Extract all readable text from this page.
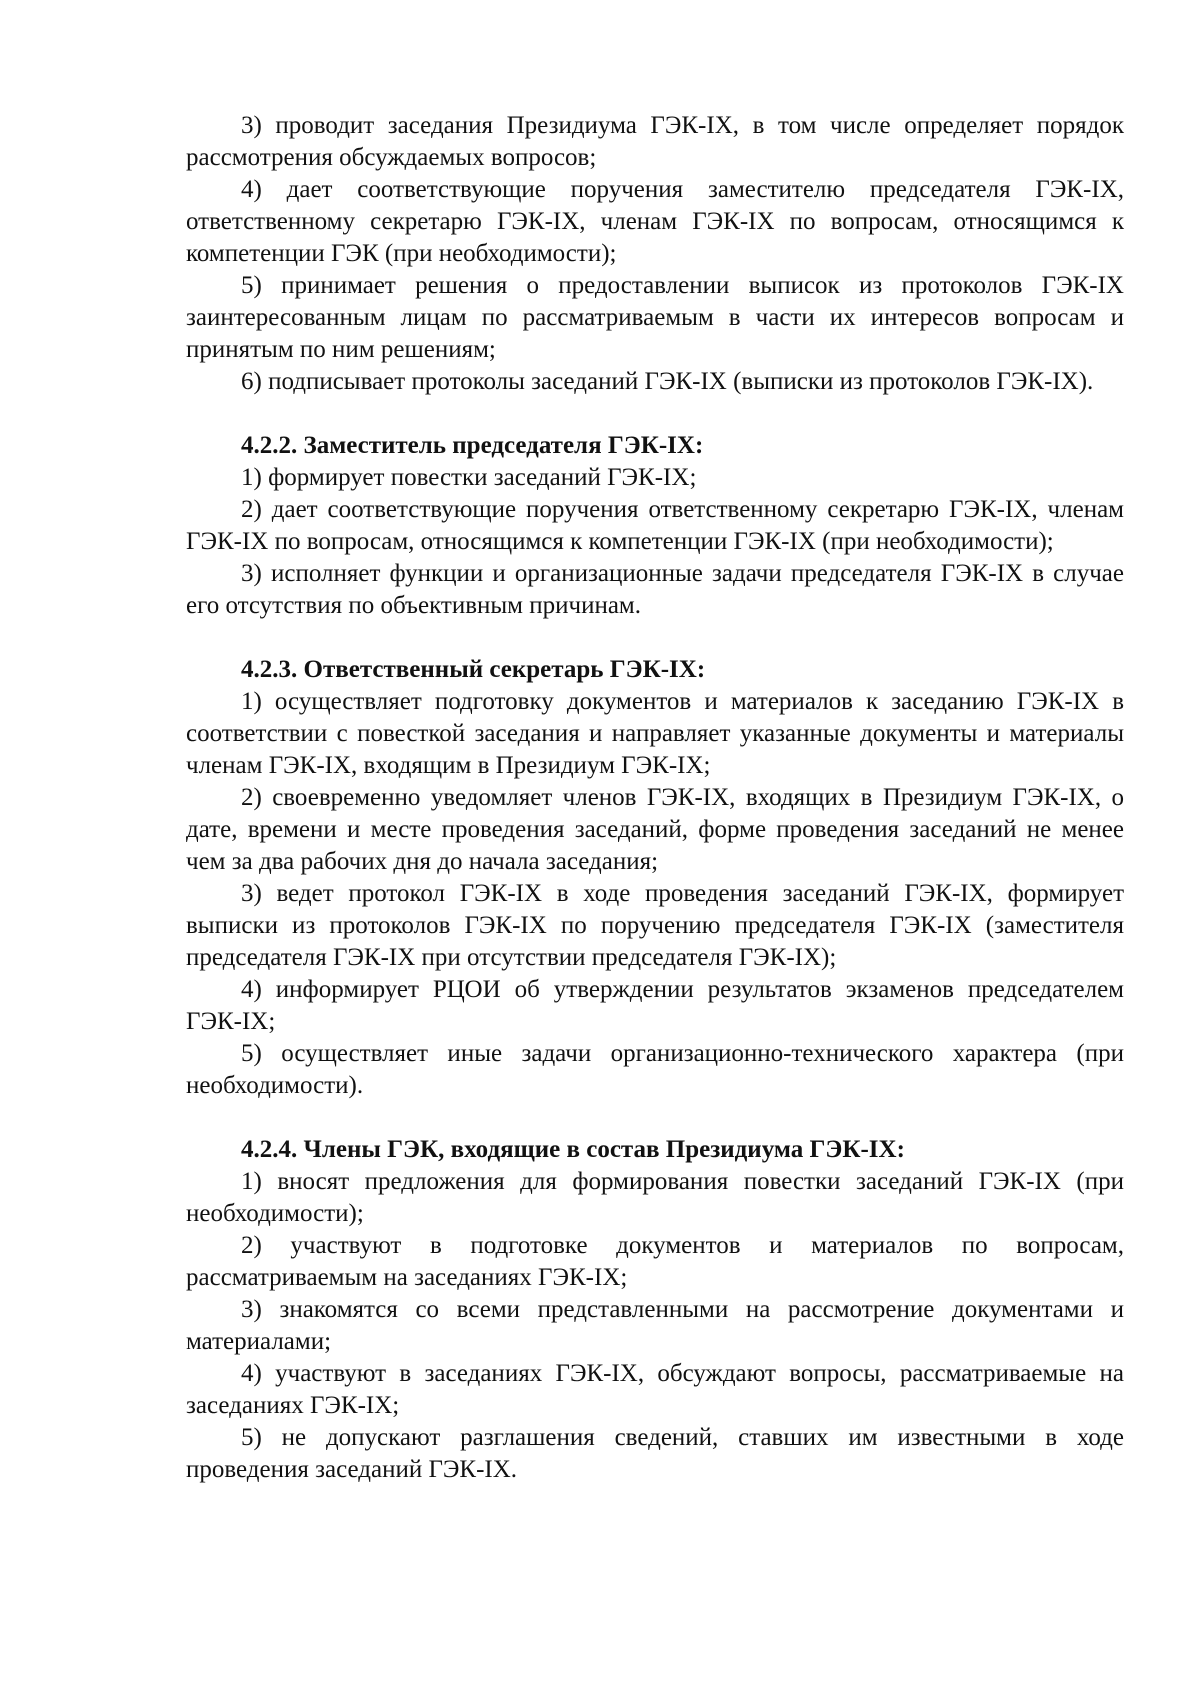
3) проводит заседания Президиума ГЭК-IX, в том числе определяет порядок рассмотрения обсуждаемых вопросов;

4) дает соответствующие поручения заместителю председателя ГЭК-IX, ответственному секретарю ГЭК-IX, членам ГЭК-IX по вопросам, относящимся к компетенции ГЭК (при необходимости);

5) принимает решения о предоставлении выписок из протоколов ГЭК-IX заинтересованным лицам по рассматриваемым в части их интересов вопросам и принятым по ним решениям;

6) подписывает протоколы заседаний ГЭК-IX (выписки из протоколов ГЭК-IX).

4.2.2. Заместитель председателя ГЭК-IX:

1) формирует повестки заседаний ГЭК-IX;

2) дает соответствующие поручения ответственному секретарю ГЭК-IX, членам ГЭК-IX по вопросам, относящимся к компетенции ГЭК-IX (при необходимости);

3) исполняет функции и организационные задачи председателя ГЭК-IX в случае его отсутствия по объективным причинам.

4.2.3. Ответственный секретарь ГЭК-IX:

1) осуществляет подготовку документов и материалов к заседанию ГЭК-IX в соответствии с повесткой заседания и направляет указанные документы и материалы членам ГЭК-IX, входящим в Президиум ГЭК-IX;

2) своевременно уведомляет членов ГЭК-IX, входящих в Президиум ГЭК-IX, о дате, времени и месте проведения заседаний, форме проведения заседаний не менее чем за два рабочих дня до начала заседания;

3) ведет протокол ГЭК-IX в ходе проведения заседаний ГЭК-IX, формирует выписки из протоколов ГЭК-IX по поручению председателя ГЭК-IX (заместителя председателя ГЭК-IX при отсутствии председателя ГЭК-IX);

4) информирует РЦОИ об утверждении результатов экзаменов председателем ГЭК-IX;

5) осуществляет иные задачи организационно-технического характера (при необходимости).

4.2.4. Члены ГЭК, входящие в состав Президиума ГЭК-IX:

1) вносят предложения для формирования повестки заседаний ГЭК-IX (при необходимости);

2) участвуют в подготовке документов и материалов по вопросам, рассматриваемым на заседаниях ГЭК-IX;

3) знакомятся со всеми представленными на рассмотрение документами и материалами;

4) участвуют в заседаниях ГЭК-IX, обсуждают вопросы, рассматриваемые на заседаниях ГЭК-IX;

5) не допускают разглашения сведений, ставших им известными в ходе проведения заседаний ГЭК-IX.
